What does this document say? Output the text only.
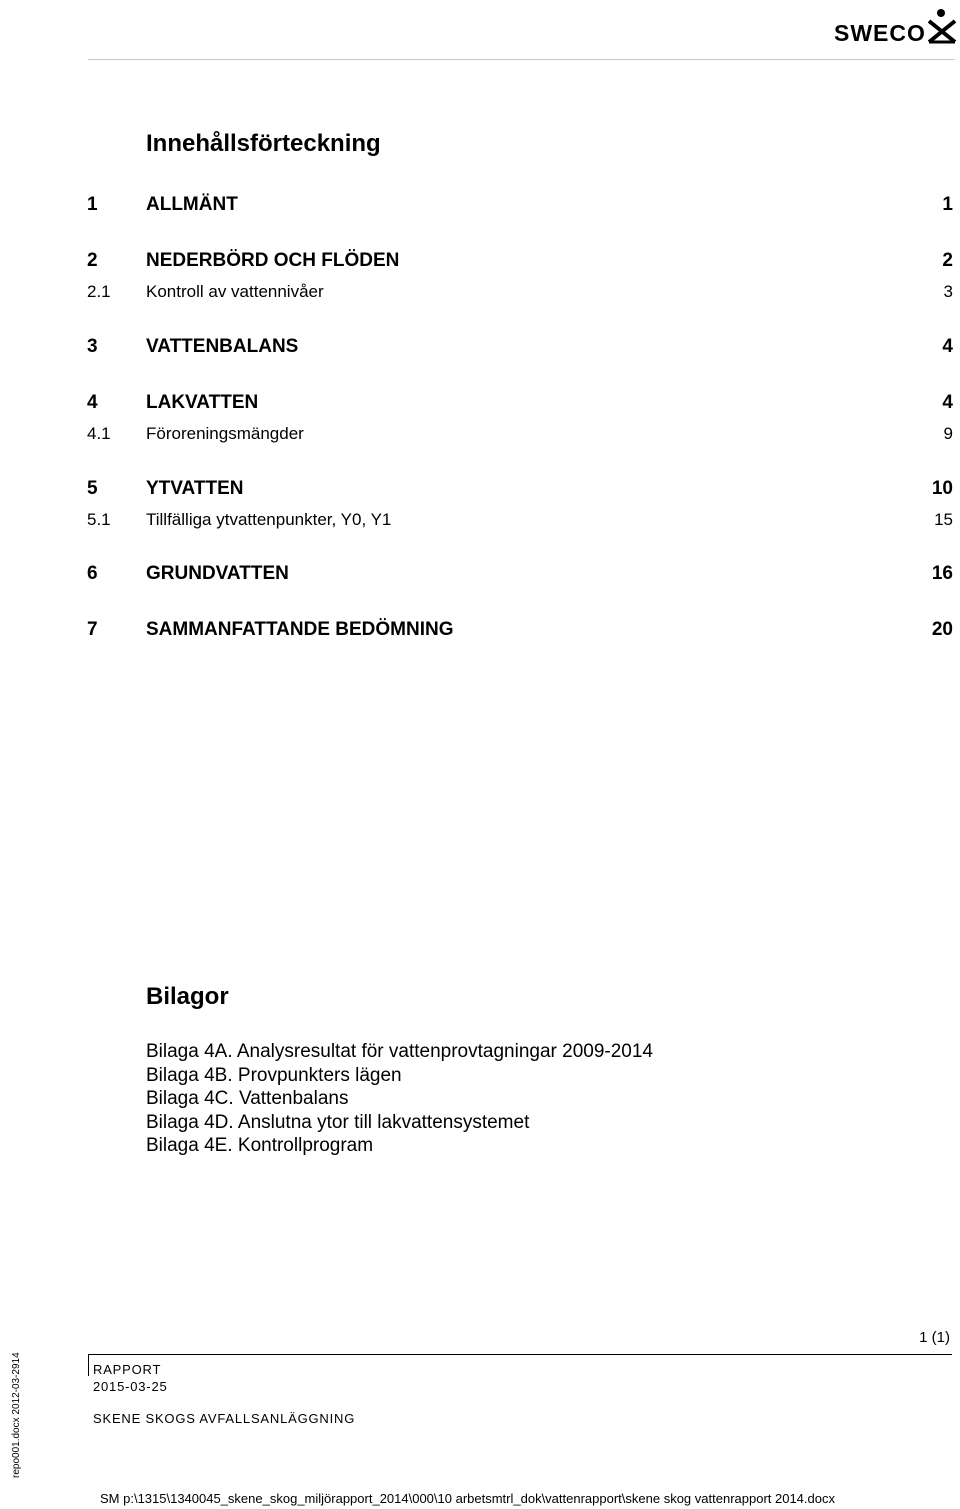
SWECO
Innehållsförteckning
1	ALLMÄNT	1
2	NEDERBÖRD OCH FLÖDEN	2
2.1 Kontroll av vattennivåer	3
3	VATTENBALANS	4
4	LAKVATTEN	4
4.1 Föroreningsmängder	9
5	YTVATTEN	10
5.1 Tillfälliga ytvattenpunkter, Y0, Y1	15
6	GRUNDVATTEN	16
7	SAMMANFATTANDE BEDÖMNING	20
Bilagor
Bilaga 4A. Analysresultat för vattenprovtagningar 2009-2014
Bilaga 4B. Provpunkters lägen
Bilaga 4C. Vattenbalans
Bilaga 4D. Anslutna ytor till lakvattensystemet
Bilaga 4E. Kontrollprogram
1 (1)
RAPPORT
2015-03-25
SKENE SKOGS AVFALLSANLÄGGNING
repo001.docx 2012-03-2914
SM p:\1315\1340045_skene_skog_miljörapport_2014\000\10 arbetsmtrl_dok\vattenrapport\skene skog vattenrapport 2014.docx
